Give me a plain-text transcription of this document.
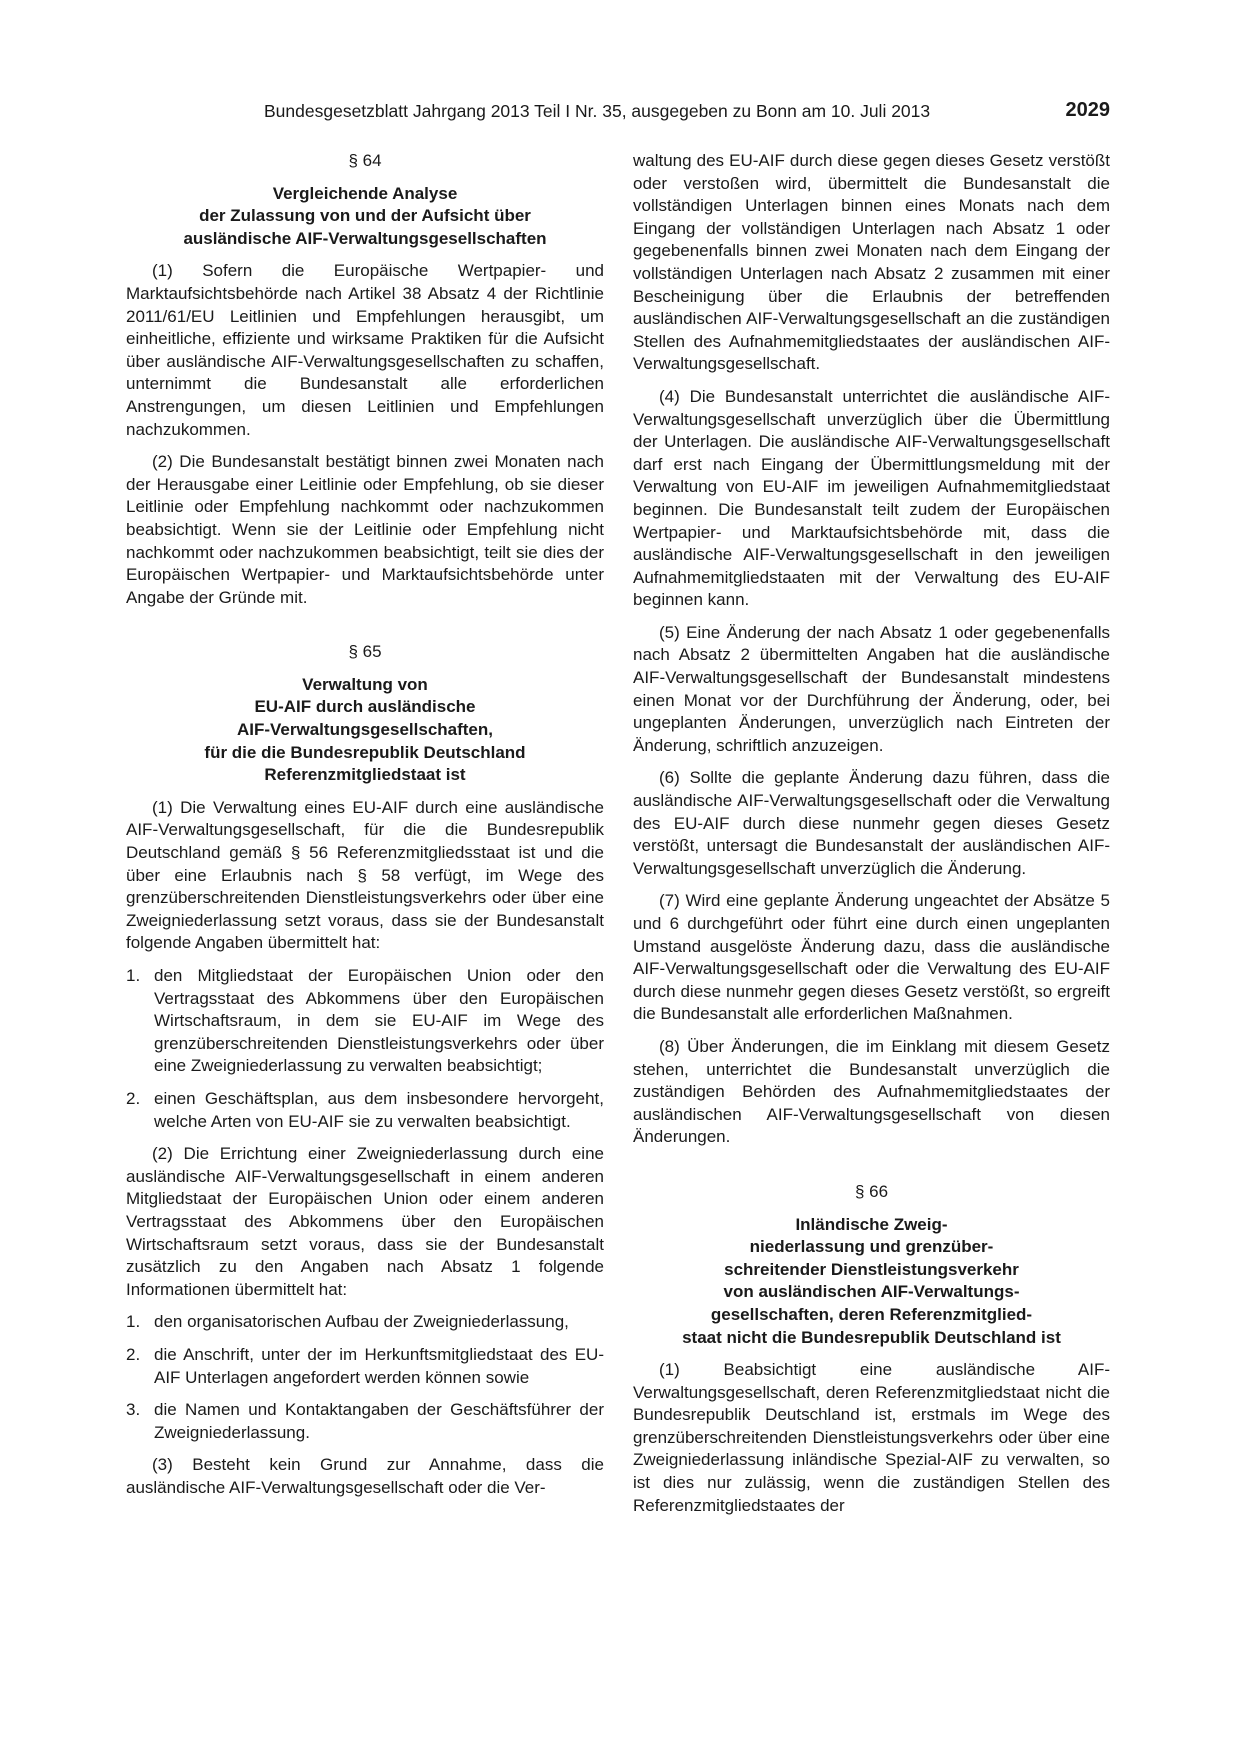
Bundesgesetzblatt Jahrgang 2013 Teil I Nr. 35, ausgegeben zu Bonn am 10. Juli 2013	2029
§ 64
Vergleichende Analyse
der Zulassung von und der Aufsicht über
ausländische AIF-Verwaltungsgesellschaften

(1) Sofern die Europäische Wertpapier- und Marktaufsichtsbehörde nach Artikel 38 Absatz 4 der Richtlinie 2011/61/EU Leitlinien und Empfehlungen herausgibt, um einheitliche, effiziente und wirksame Praktiken für die Aufsicht über ausländische AIF-Verwaltungsgesellschaften zu schaffen, unternimmt die Bundesanstalt alle erforderlichen Anstrengungen, um diesen Leitlinien und Empfehlungen nachzukommen.

(2) Die Bundesanstalt bestätigt binnen zwei Monaten nach der Herausgabe einer Leitlinie oder Empfehlung, ob sie dieser Leitlinie oder Empfehlung nachkommt oder nachzukommen beabsichtigt. Wenn sie der Leitlinie oder Empfehlung nicht nachkommt oder nachzukommen beabsichtigt, teilt sie dies der Europäischen Wertpapier- und Marktaufsichtsbehörde unter Angabe der Gründe mit.

§ 65
Verwaltung von
EU-AIF durch ausländische
AIF-Verwaltungsgesellschaften,
für die die Bundesrepublik Deutschland
Referenzmitgliedstaat ist

(1) Die Verwaltung eines EU-AIF durch eine ausländische AIF-Verwaltungsgesellschaft, für die die Bundesrepublik Deutschland gemäß § 56 Referenzmitgliedsstaat ist und die über eine Erlaubnis nach § 58 verfügt, im Wege des grenzüberschreitenden Dienstleistungsverkehrs oder über eine Zweigniederlassung setzt voraus, dass sie der Bundesanstalt folgende Angaben übermittelt hat:

1. den Mitgliedstaat der Europäischen Union oder den Vertragsstaat des Abkommens über den Europäischen Wirtschaftsraum, in dem sie EU-AIF im Wege des grenzüberschreitenden Dienstleistungsverkehrs oder über eine Zweigniederlassung zu verwalten beabsichtigt;
2. einen Geschäftsplan, aus dem insbesondere hervorgeht, welche Arten von EU-AIF sie zu verwalten beabsichtigt.

(2) Die Errichtung einer Zweigniederlassung durch eine ausländische AIF-Verwaltungsgesellschaft in einem anderen Mitgliedstaat der Europäischen Union oder einem anderen Vertragsstaat des Abkommens über den Europäischen Wirtschaftsraum setzt voraus, dass sie der Bundesanstalt zusätzlich zu den Angaben nach Absatz 1 folgende Informationen übermittelt hat:

1. den organisatorischen Aufbau der Zweigniederlassung,
2. die Anschrift, unter der im Herkunftsmitgliedstaat des EU-AIF Unterlagen angefordert werden können sowie
3. die Namen und Kontaktangaben der Geschäftsführer der Zweigniederlassung.

(3) Besteht kein Grund zur Annahme, dass die ausländische AIF-Verwaltungsgesellschaft oder die Ver-

waltung des EU-AIF durch diese gegen dieses Gesetz verstößt oder verstoßen wird, übermittelt die Bundesanstalt die vollständigen Unterlagen binnen eines Monats nach dem Eingang der vollständigen Unterlagen nach Absatz 1 oder gegebenenfalls binnen zwei Monaten nach dem Eingang der vollständigen Unterlagen nach Absatz 2 zusammen mit einer Bescheinigung über die Erlaubnis der betreffenden ausländischen AIF-Verwaltungsgesellschaft an die zuständigen Stellen des Aufnahmemitgliedstaates der ausländischen AIF-Verwaltungsgesellschaft.

(4) Die Bundesanstalt unterrichtet die ausländische AIF-Verwaltungsgesellschaft unverzüglich über die Übermittlung der Unterlagen. Die ausländische AIF-Verwaltungsgesellschaft darf erst nach Eingang der Übermittlungsmeldung mit der Verwaltung von EU-AIF im jeweiligen Aufnahmemitgliedstaat beginnen. Die Bundesanstalt teilt zudem der Europäischen Wertpapier- und Marktaufsichtsbehörde mit, dass die ausländische AIF-Verwaltungsgesellschaft in den jeweiligen Aufnahmemitgliedstaaten mit der Verwaltung des EU-AIF beginnen kann.

(5) Eine Änderung der nach Absatz 1 oder gegebenenfalls nach Absatz 2 übermittelten Angaben hat die ausländische AIF-Verwaltungsgesellschaft der Bundesanstalt mindestens einen Monat vor der Durchführung der Änderung, oder, bei ungeplanten Änderungen, unverzüglich nach Eintreten der Änderung, schriftlich anzuzeigen.

(6) Sollte die geplante Änderung dazu führen, dass die ausländische AIF-Verwaltungsgesellschaft oder die Verwaltung des EU-AIF durch diese nunmehr gegen dieses Gesetz verstößt, untersagt die Bundesanstalt der ausländischen AIF-Verwaltungsgesellschaft unverzüglich die Änderung.

(7) Wird eine geplante Änderung ungeachtet der Absätze 5 und 6 durchgeführt oder führt eine durch einen ungeplanten Umstand ausgelöste Änderung dazu, dass die ausländische AIF-Verwaltungsgesellschaft oder die Verwaltung des EU-AIF durch diese nunmehr gegen dieses Gesetz verstößt, so ergreift die Bundesanstalt alle erforderlichen Maßnahmen.

(8) Über Änderungen, die im Einklang mit diesem Gesetz stehen, unterrichtet die Bundesanstalt unverzüglich die zuständigen Behörden des Aufnahmemitgliedstaates der ausländischen AIF-Verwaltungsgesellschaft von diesen Änderungen.

§ 66
Inländische Zweig-
niederlassung und grenzüber-
schreitender Dienstleistungsverkehr
von ausländischen AIF-Verwaltungs-
gesellschaften, deren Referenzmitglied-
staat nicht die Bundesrepublik Deutschland ist

(1) Beabsichtigt eine ausländische AIF-Verwaltungsgesellschaft, deren Referenzmitgliedstaat nicht die Bundesrepublik Deutschland ist, erstmals im Wege des grenzüberschreitenden Dienstleistungsverkehrs oder über eine Zweigniederlassung inländische Spezial-AIF zu verwalten, so ist dies nur zulässig, wenn die zuständigen Stellen des Referenzmitgliedstaates der
